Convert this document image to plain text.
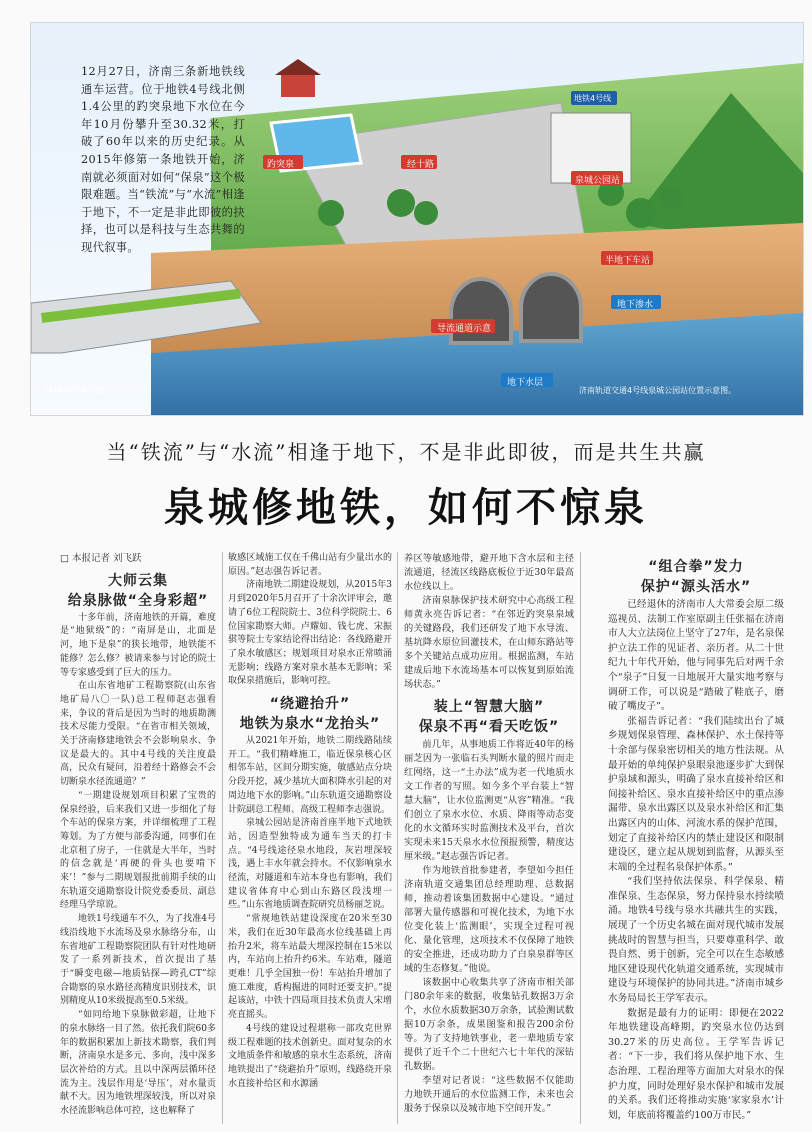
12月27日，济南三条新地铁线通车运营。位于地铁4号线北侧1.4公里的趵突泉地下水位在今年10月份攀升至30.32米，打破了60年以来的历史纪录。从2015年修第一条地铁开始，济南就必须面对如何“保泉”这个极限难题。当“铁流”与“水流”相逢于地下，不一定是非此即彼的抉择，也可以是科技与生态共舞的现代叙事。
趵突泉	经十路
地铁4号线
泉城公园站
半地下车站
地下渗水
导流通道示意
地下水层
济南地铁4号线	济南轨道交通4号线泉城公园站位置示意图。
当“铁流”与“水流”相逢于地下，不是非此即彼，而是共生共赢
泉城修地铁，如何不惊泉
□ 本报记者 刘飞跃
大师云集
给泉脉做“全身彩超”

十多年前，济南地铁的开篇，难度是“地狱级”的：“南屏是山，北面是河，地下是泉”的狭长地带，地铁能不能修？怎么修？被请来参与讨论的院士等专家感受到了巨大的压力。

在山东省地矿工程勘察院(山东省地矿局八〇一队)总工程师赵志强看来，争议的背后是因为当时的地质勘测技术尽能力受限。“在省市相关领域，关于济南修建地铁会不会影响泉水、争议是最大的。其中4号线的关注度最高，民众有疑问，沿着经十路修会不会切断泉水径流通道？”

“一期建设规划项目积累了宝贵的保泉经验，后来我们又进一步细化了每个车站的保泉方案，并详细梳理了工程筹划。为了方便与部委沟通，同事们在北京租了房子，一住就是大半年，当时的信念就是‘再硬的骨头也要啃下来’！”参与二期规划报批前期手续的山东轨道交通勘察设计院党委委员、副总经理马学琼说。

地铁1号线通车不久，为了找准4号线沿线地下水流场及泉水脉络分布，山东省地矿工程勘察院团队有针对性地研发了一系列新技术，首次提出了基于“瞬变电磁—地质钻探—跨孔CT”综合勘察的泉水路径高精度识别技术，识别精度从10米级提高至0.5米级。

“如同给地下泉脉做彩超，让地下的泉水脉络一目了然。依托我们院60多年的数据积累加上新技术勘察，我们判断，济南泉水是多元、多向，浅中深多层次补给的方式。且以中深两层循环径流为主。浅层作用是‘导压’，对水量贡献不大。因为地铁埋深较浅，所以对泉水径流影响总体可控，这也解释了

敏感区域施工仅在千佛山站有少量出水的原因。”赵志强告诉记者。

济南地铁二期建设规划，从2015年3月到2020年5月召开了十余次评审会，邀请了6位工程院院士、3位科学院院士、6位国家勘察大师。卢耀如、钱七虎、宋振骐等院士专家结论得出结论：各线路避开了泉水敏感区；规划项目对泉水正常喷涌无影响；线路方案对泉水基本无影响；采取保泉措施后，影响可控。

“绕避抬升”
地铁为泉水“龙抬头”

从2021年开始，地铁二期线路陆续开工。“我们精峰施工，临近保泉核心区相邻车站，区间分期实施，敏感站点分块分段开挖，减少基坑大面积降水引起的对周边地下水的影响。”山东轨道交通勘察设计院副总工程师、高级工程师李志强说。

泉城公园站是济南首座半地下式地铁站，因造型独特成为通车当天的打卡点。“4号线途径泉水地段，灰岩埋深较浅，遇上丰水年就会持水。不仅影响泉水径流，对隧道和车站本身也有影响，我们建议省体育中心到山东路区段浅埋一些。”山东省地质调查院研究员杨丽芝说。

“常规地铁站建设深度在20米至30米，我们在近30年最高水位线基础上再抬升2米，将车站最大埋深控制在15米以内，车站向上抬升约6米。车站难，隧道更难！几乎全国独一份！车站抬升增加了施工难度，盾构掘进的同时还要支护。”提起该站，中铁十四局项目技术负责人宋增亮直摇头。

4号线的建设过程堪称一部攻克世界级工程难题的技术创新史。面对复杂的水文地质条件和敏感的泉水生态系统，济南地铁提出了“绕避抬升”原则，线路绕开泉水直接补给区和水源涵

养区等敏感地带，避开地下含水层和主径流通道，径流区线路底板位于近30年最高水位线以上。

济南泉脉保护技术研究中心高级工程师黄永亮告诉记者：“在邻近趵突泉泉域的关键路段，我们还研发了地下水导流、基坑降水原位回灌技术，在山师东路站等多个关键站点成功应用。根据监测，车站建成后地下水流场基本可以恢复到原始流场状态。”

装上“智慧大脑”
保泉不再“看天吃饭”

前几年，从事地质工作将近40年的杨丽芝因为一张临石头判断水量的照片而走红网络，这一“土办法”成为老一代地质水文工作者的写照。如今多个平台装上“智慧大脑”，让水位监测更“从容”精准。“我们创立了泉水水位、水质、降雨等动态变化的水文循环实时监测技术及平台，首次实现未来15天泉水水位预报预警，精度达厘米级。”赵志强告诉记者。

作为地铁首批参建者，李望如今担任济南轨道交通集团总经理助理、总数据师，推动着该集团数据中心建设。“通过部署大量传感器和可视化技术，为地下水位变化装上‘监测眼’，实现全过程可视化、量化管理，这项技术不仅保障了地铁的安全推进，还成功助力了白泉泉群等区域的生态修复。”他说。

该数据中心收集共享了济南市相关部门80余年来的数据，收集钻孔数据3万余个，水位水质数据30万余条，试验测试数据10万余条，成果图鉴和报告200余份等。为了支持地铁事业，老一辈地质专家提供了近千个二十世纪六七十年代的深钻孔数据。

李望对记者说：“这些数据不仅能助力地铁开通后的水位监测工作，未来也会服务于保泉以及城市地下空间开发。”

“组合拳”发力
保护“源头活水”

已经退休的济南市人大常委会原二级巡视员、法制工作室原副主任张福在济南市人大立法岗位上坚守了27年，是名泉保护立法工作的见证者、亲历者。从二十世纪九十年代开始，他与同事先后对两千余个“泉子”日复一日地展开大量实地考察与调研工作，可以说是“踏破了鞋底子，磨破了嘴皮子”。

张福告诉记者：“我们陆续出台了城乡规划保泉管理、森林保护、水土保持等十余部与保泉密切相关的地方性法规。从最开始的单纯保护泉眼泉池逐步扩大到保护泉域和源头，明确了泉水直接补给区和间接补给区、泉水直接补给区中的重点渗漏带、泉水出露区以及泉水补给区和汇集出露区内的山体、河流水系的保护范围，划定了直接补给区内的禁止建设区和限制建设区，建立起从规划到监督，从源头至末端的全过程名泉保护体系。”

“我们坚持依法保泉、科学保泉、精准保泉、生态保泉，努力保持泉水持续喷涌。地铁4号线与泉水共融共生的实践，展现了一个历史名城在面对现代城市发展挑战时的智慧与担当，只要尊重科学、敢畏自然、勇于创新，完全可以在生态敏感地区建设现代化轨道交通系统，实现城市建设与环境保护的协同共进。”济南市城乡水务局局长王学军表示。

数据是最有力的证明：即便在2022年地铁建设高峰期，趵突泉水位仍达到30.27米的历史高位。王学军告诉记者：“下一步，我们将从保护地下水、生态治理、工程治理等方面加大对泉水的保护力度，同时处理好泉水保护和城市发展的关系。我们还将推动实施‘家家泉水’计划，年底前将覆盖约100万市民。”
